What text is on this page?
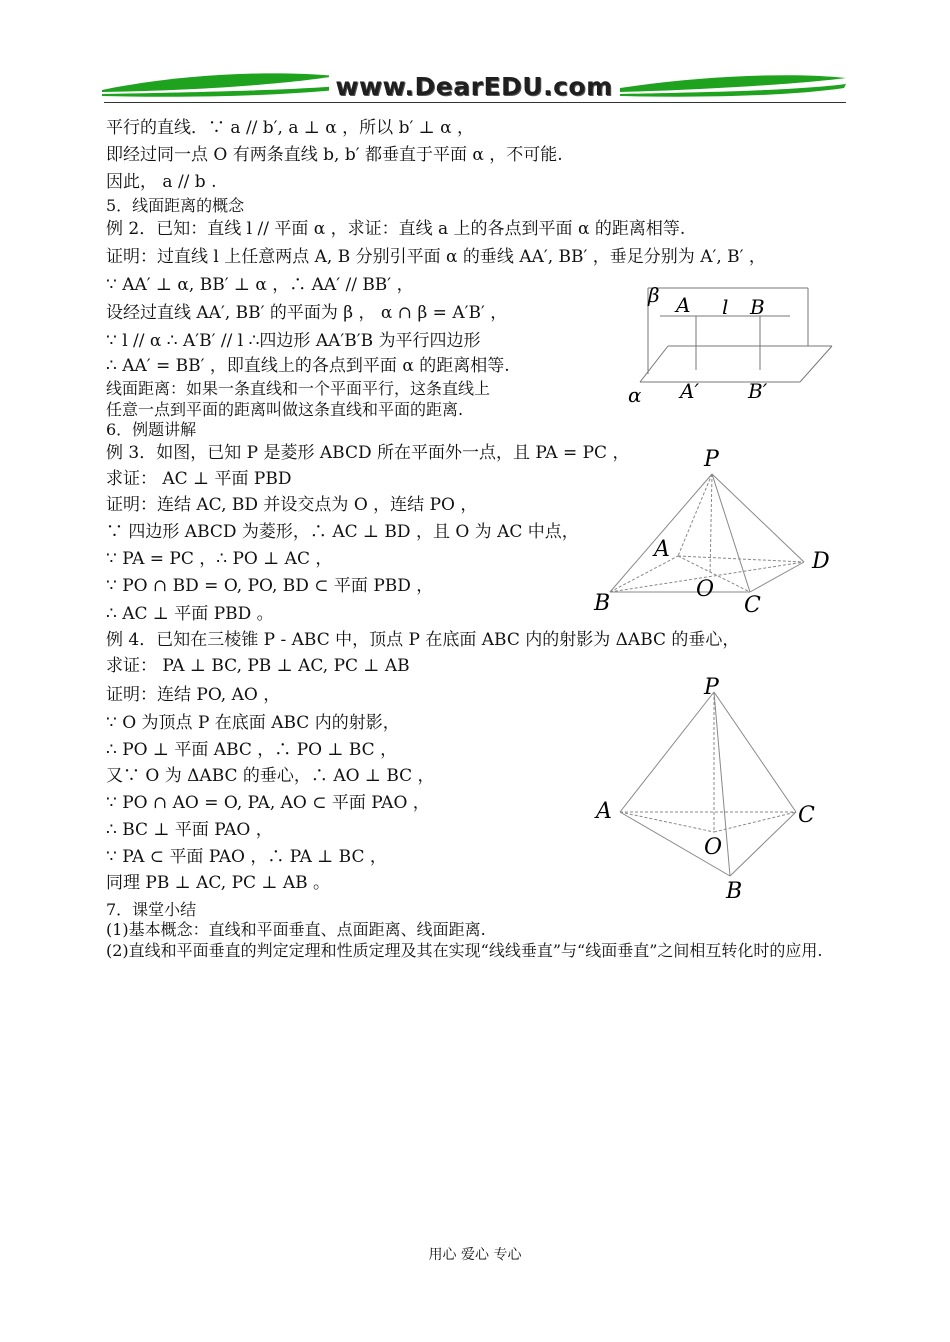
www.DearEDU.com
平行的直线．∵ a // b′, a ⊥ α ，所以 b′ ⊥ α ，
即经过同一点 O 有两条直线 b, b′ 都垂直于平面 α ，不可能.
因此， a // b .
5．线面距离的概念
例 2．已知：直线 l // 平面 α ，求证：直线 a 上的各点到平面 α 的距离相等.
证明：过直线 l 上任意两点 A, B 分别引平面 α 的垂线 AA′, BB′ ，垂足分别为 A′, B′ ，
∵ AA′ ⊥ α, BB′ ⊥ α ，∴ AA′ // BB′ ，
设经过直线 AA′, BB′ 的平面为 β ， α ∩ β = A′B′ ，
∵ l // α ∴ A′B′ // l ∴四边形 AA′B′B 为平行四边形
∴ AA′ = BB′ ，即直线上的各点到平面 α 的距离相等.
线面距离：如果一条直线和一个平面平行，这条直线上
任意一点到平面的距离叫做这条直线和平面的距离.
6．例题讲解
例 3．如图，已知 P 是菱形 ABCD 所在平面外一点，且 PA = PC ，
求证： AC ⊥ 平面 PBD
证明：连结 AC, BD 并设交点为 O ，连结 PO ，
∵ 四边形 ABCD 为菱形，∴ AC ⊥ BD ，且 O 为 AC 中点，
∵ PA = PC ，∴ PO ⊥ AC ，
∵ PO ∩ BD = O, PO, BD ⊂ 平面 PBD ，
∴ AC ⊥ 平面 PBD 。
例 4．已知在三棱锥 P - ABC 中，顶点 P 在底面 ABC 内的射影为 ΔABC 的垂心，
求证： PA ⊥ BC, PB ⊥ AC, PC ⊥ AB
证明：连结 PO, AO ，
∵ O 为顶点 P 在底面 ABC 内的射影，
∴ PO ⊥ 平面 ABC ，∴ PO ⊥ BC ，
又∵ O 为 ΔABC 的垂心，∴ AO ⊥ BC ，
∵ PO ∩ AO = O, PA, AO ⊂ 平面 PAO ，
∴ BC ⊥ 平面 PAO ，
∵ PA ⊂ 平面 PAO ，∴ PA ⊥ BC ，
同理 PB ⊥ AC, PC ⊥ AB 。
7．课堂小结
(1)基本概念：直线和平面垂直、点面距离、线面距离.
(2)直线和平面垂直的判定定理和性质定理及其在实现“线线垂直”与“线面垂直”之间相互转化时的应用.
β A l B
A′ B′
α
P
A	D
O
B	C
P
A	C
O
B
用心 爱心 专心
